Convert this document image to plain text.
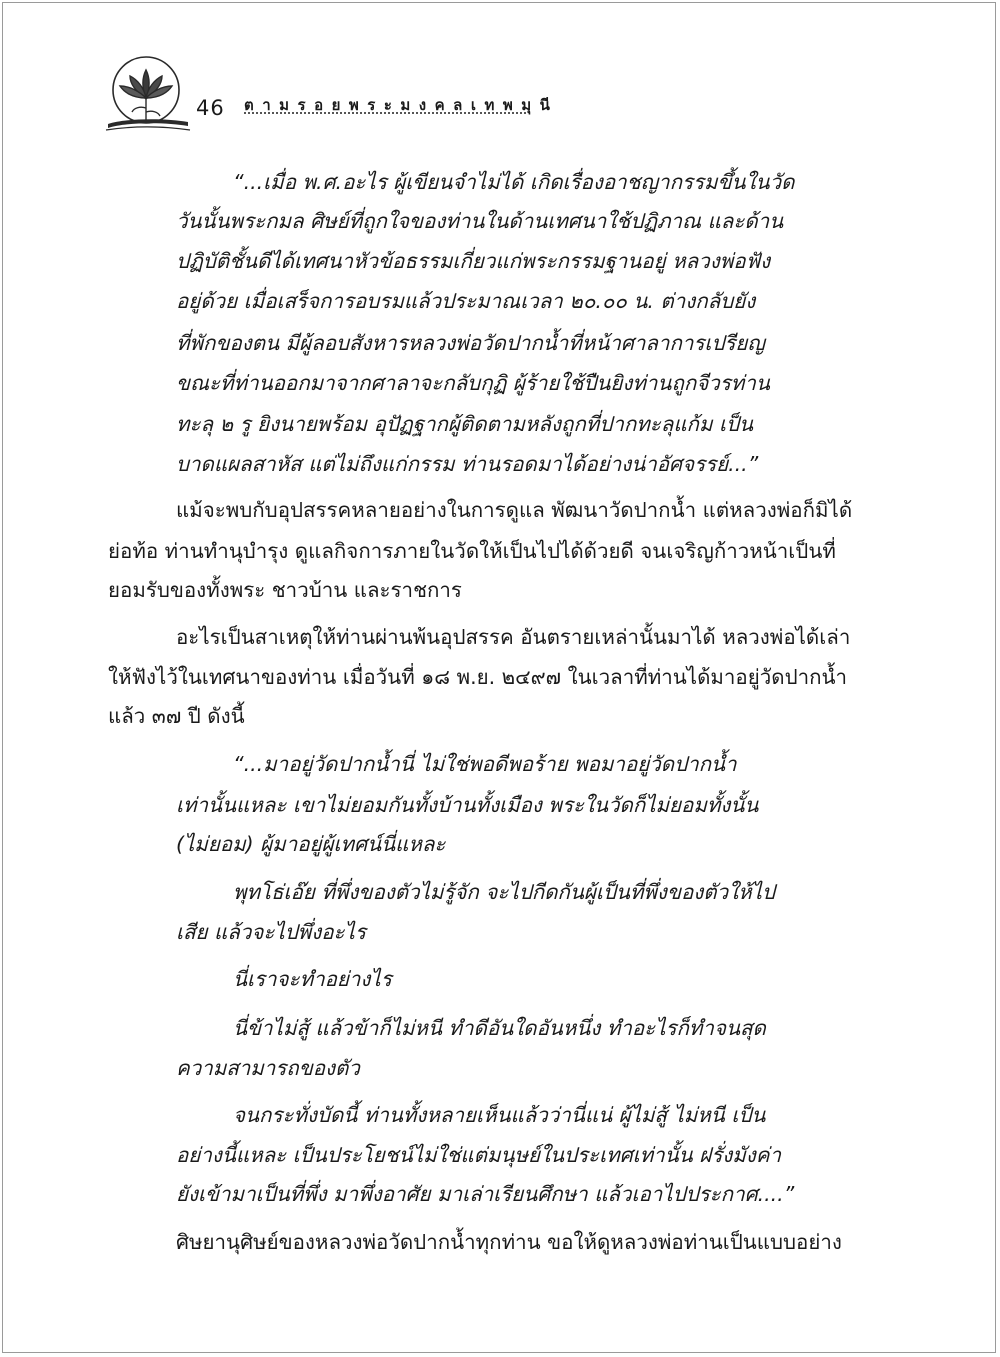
46 ตามรอยพระมงคลเทพมุนี
“...เมื่อ พ.ศ.อะไร ผู้เขียนจำไม่ได้ เกิดเรื่องอาชญากรรมขึ้นในวัด
วันนั้นพระกมล ศิษย์ที่ถูกใจของท่านในด้านเทศนาใช้ปฏิภาณ และด้าน
ปฏิบัติชั้นดีได้เทศนาหัวข้อธรรมเกี่ยวแก่พระกรรมฐานอยู่ หลวงพ่อฟัง
อยู่ด้วย เมื่อเสร็จการอบรมแล้วประมาณเวลา ๒๐.๐๐ น. ต่างกลับยัง
ที่พักของตน มีผู้ลอบสังหารหลวงพ่อวัดปากน้ำที่หน้าศาลาการเปรียญ
ขณะที่ท่านออกมาจากศาลาจะกลับกุฏิ ผู้ร้ายใช้ปืนยิงท่านถูกจีวรท่าน
ทะลุ ๒ รู ยิงนายพร้อม อุปัฏฐากผู้ติดตามหลังถูกที่ปากทะลุแก้ม เป็น
บาดแผลสาหัส แต่ไม่ถึงแก่กรรม ท่านรอดมาได้อย่างน่าอัศจรรย์...”
แม้จะพบกับอุปสรรคหลายอย่างในการดูแล พัฒนาวัดปากน้ำ แต่หลวงพ่อก็มิได้
ย่อท้อ ท่านทำนุบำรุง ดูแลกิจการภายในวัดให้เป็นไปได้ด้วยดี จนเจริญก้าวหน้าเป็นที่
ยอมรับของทั้งพระ ชาวบ้าน และราชการ
อะไรเป็นสาเหตุให้ท่านผ่านพ้นอุปสรรค อันตรายเหล่านั้นมาได้ หลวงพ่อได้เล่า
ให้ฟังไว้ในเทศนาของท่าน เมื่อวันที่ ๑๘ พ.ย. ๒๔๙๗ ในเวลาที่ท่านได้มาอยู่วัดปากน้ำ
แล้ว ๓๗ ปี ดังนี้
“...มาอยู่วัดปากน้ำนี่ ไม่ใช่พอดีพอร้าย พอมาอยู่วัดปากน้ำ
เท่านั้นแหละ เขาไม่ยอมกันทั้งบ้านทั้งเมือง พระในวัดก็ไม่ยอมทั้งนั้น
(ไม่ยอม) ผู้มาอยู่ผู้เทศน์นี่แหละ
พุทโธ่เอ๊ย ที่พึ่งของตัวไม่รู้จัก จะไปกีดกันผู้เป็นที่พึ่งของตัวให้ไป
เสีย แล้วจะไปพึ่งอะไร
นี่เราจะทำอย่างไร
นี่ข้าไม่สู้ แล้วข้าก็ไม่หนี ทำดีอันใดอันหนึ่ง ทำอะไรก็ทำจนสุด
ความสามารถของตัว
จนกระทั่งบัดนี้ ท่านทั้งหลายเห็นแล้วว่านี่แน่ ผู้ไม่สู้ ไม่หนี เป็น
อย่างนี้แหละ เป็นประโยชน์ไม่ใช่แต่มนุษย์ในประเทศเท่านั้น ฝรั่งมังค่า
ยังเข้ามาเป็นที่พึ่ง มาพึ่งอาศัย มาเล่าเรียนศึกษา แล้วเอาไปประกาศ....”
ศิษยานุศิษย์ของหลวงพ่อวัดปากน้ำทุกท่าน ขอให้ดูหลวงพ่อท่านเป็นแบบอย่าง
